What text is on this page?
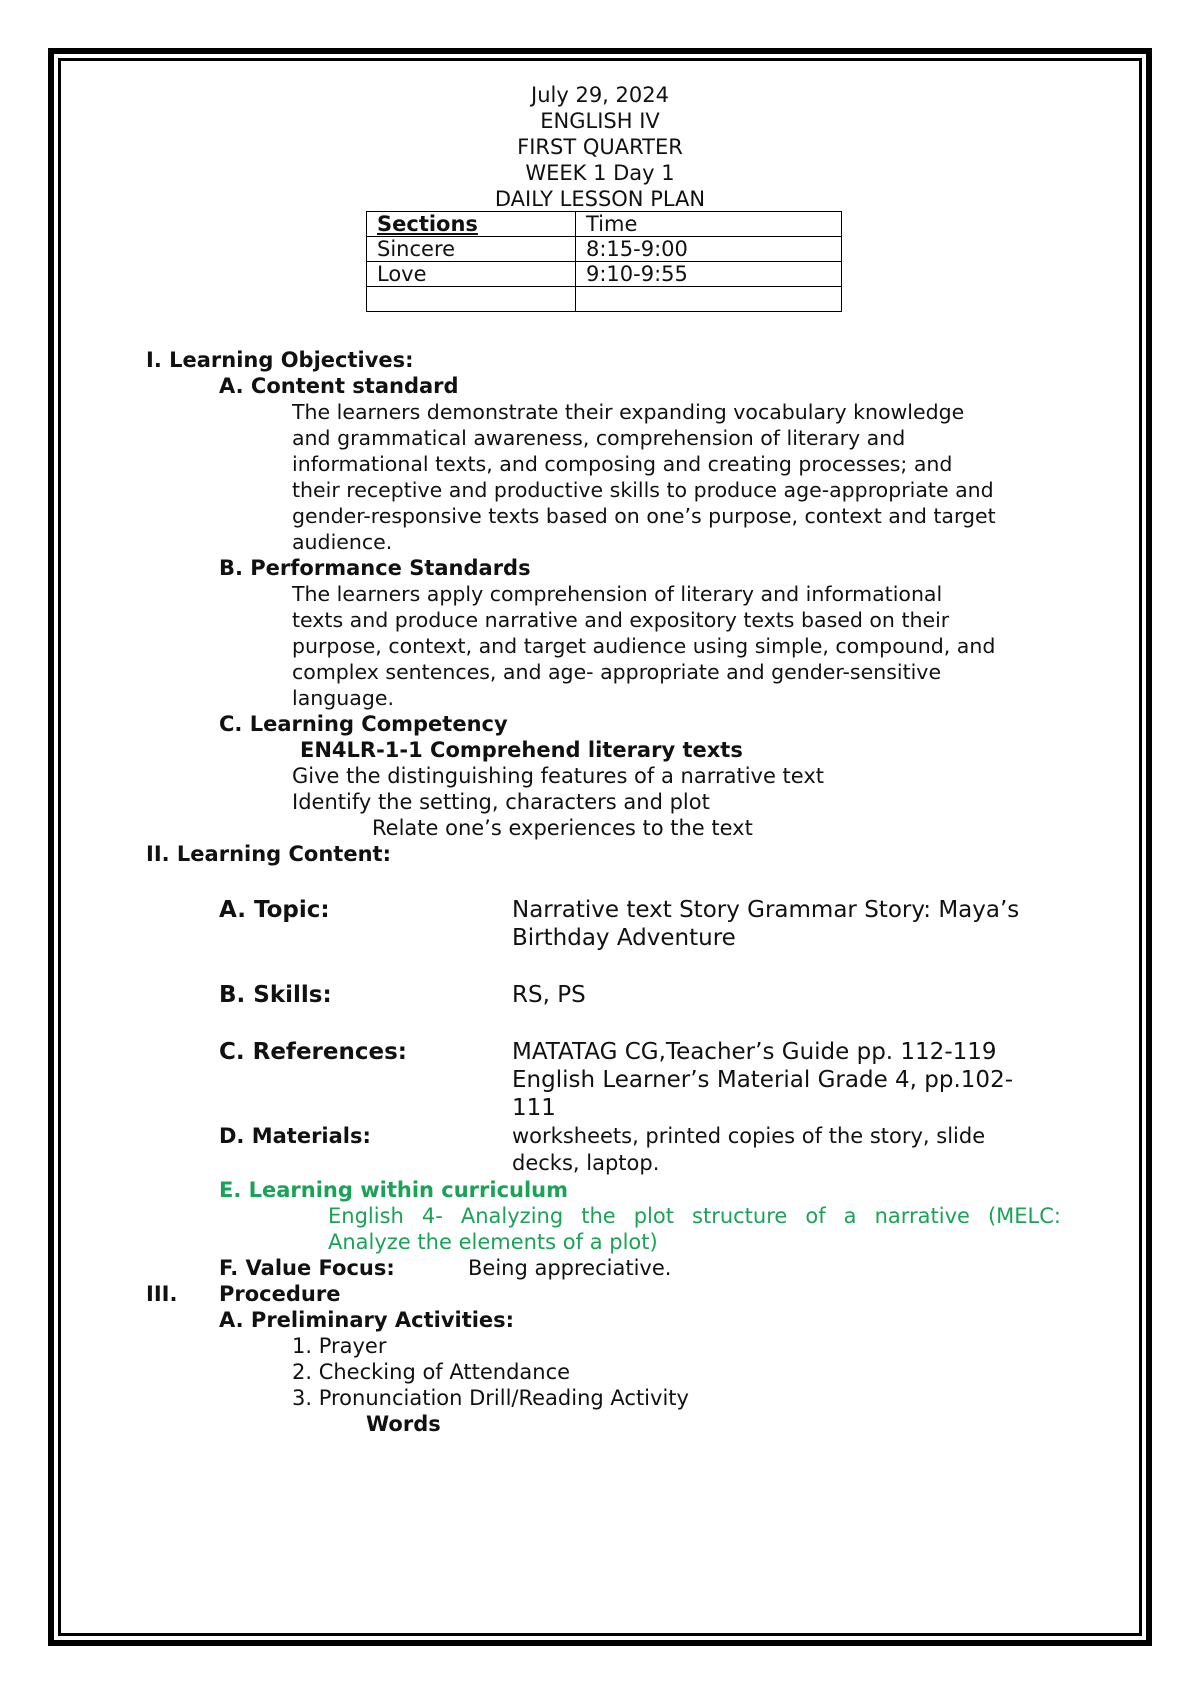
July 29, 2024
ENGLISH IV
FIRST QUARTER
WEEK 1 Day 1
DAILY LESSON PLAN
Sections	Time
Sincere	8:15-9:00
Love	9:10-9:55

I. Learning Objectives:
A. Content standard
The learners demonstrate their expanding vocabulary knowledge
and grammatical awareness, comprehension of literary and
informational texts, and composing and creating processes; and
their receptive and productive skills to produce age-appropriate and
gender-responsive texts based on one’s purpose, context and target
audience.
B. Performance Standards
The learners apply comprehension of literary and informational
texts and produce narrative and expository texts based on their
purpose, context, and target audience using simple, compound, and
complex sentences, and age- appropriate and gender-sensitive
language.
C. Learning Competency
EN4LR-1-1 Comprehend literary texts
Give the distinguishing features of a narrative text
Identify the setting, characters and plot
Relate one’s experiences to the text
II. Learning Content:
A. Topic:	Narrative text Story Grammar Story: Maya’s
Birthday Adventure
B. Skills:	RS, PS
C. References:	MATATAG CG,Teacher’s Guide pp. 112-119
English Learner’s Material Grade 4, pp.102-
111
D. Materials:	worksheets, printed copies of the story, slide
decks, laptop.
E. Learning within curriculum
English 4- Analyzing the plot structure of a narrative (MELC:
Analyze the elements of a plot)
F. Value Focus:	Being appreciative.
III. Procedure
A. Preliminary Activities:
1. Prayer
2. Checking of Attendance
3. Pronunciation Drill/Reading Activity
Words
